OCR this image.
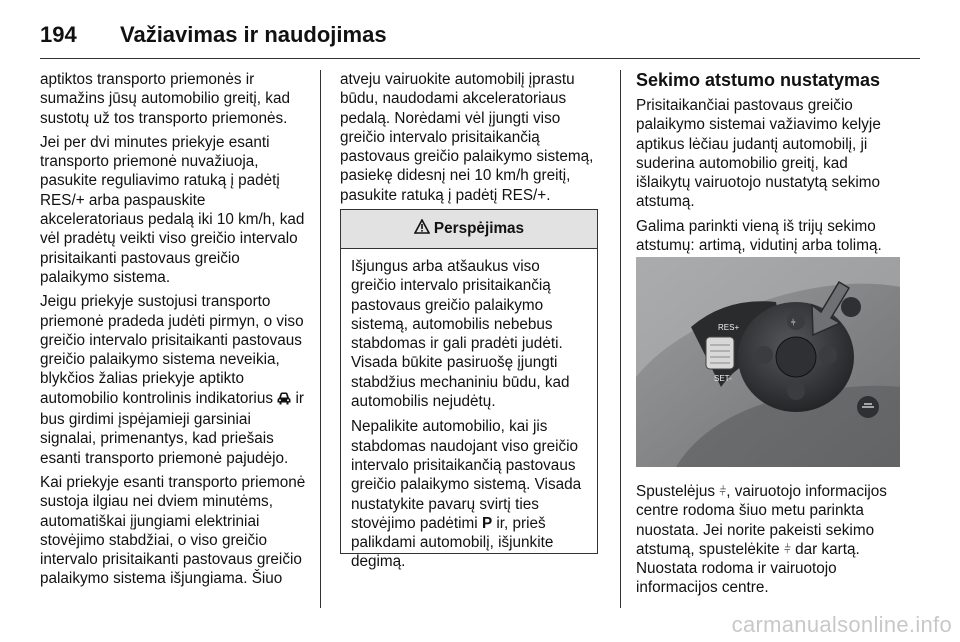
194 Važiavimas ir naudojimas

aptiktos transporto priemonės ir sumažins jūsų automobilio greitį, kad sustotų už tos transporto priemonės.

Jei per dvi minutes priekyje esanti transporto priemonė nuvažiuoja, pasukite reguliavimo ratuką į padėtį RES/+ arba paspauskite akceleratoriaus pedalą iki 10 km/h, kad vėl pradėtų veikti viso greičio intervalo prisitaikanti pastovaus greičio palaikymo sistema.

Jeigu priekyje sustojusi transporto priemonė pradeda judėti pirmyn, o viso greičio intervalo prisitaikanti pastovaus greičio palaikymo sistema neveikia, blykčios žalias priekyje aptikto automobilio kontrolinis indikatorius ir bus girdimi įspėjamieji garsiniai signalai, primenantys, kad priešais esanti transporto priemonė pajudėjo.

Kai priekyje esanti transporto priemonė sustoja ilgiau nei dviem minutėms, automatiškai įjungiami elektriniai stovėjimo stabdžiai, o viso greičio intervalo prisitaikanti pastovaus greičio palaikymo sistema išjungiama. Šiuo

atveju vairuokite automobilį įprastu būdu, naudodami akceleratoriaus pedalą. Norėdami vėl įjungti viso greičio intervalo prisitaikančią pastovaus greičio palaikymo sistemą, pasiekę didesnį nei 10 km/h greitį, pasukite ratuką į padėtį RES/+.

Perspėjimas

Išjungus arba atšaukus viso greičio intervalo prisitaikančią pastovaus greičio palaikymo sistemą, automobilis nebebus stabdomas ir gali pradėti judėti. Visada būkite pasiruošę įjungti stabdžius mechaniniu būdu, kad automobilis nejudėtų.

Nepalikite automobilio, kai jis stabdomas naudojant viso greičio intervalo prisitaikančią pastovaus greičio palaikymo sistemą. Visada nustatykite pavarų svirtį ties stovėjimo padėtimi P ir, prieš palikdami automobilį, išjunkite degimą.

Sekimo atstumo nustatymas

Prisitaikančiai pastovaus greičio palaikymo sistemai važiavimo kelyje aptikus lėčiau judantį automobilį, ji suderina automobilio greitį, kad išlaikytų vairuotojo nustatytą sekimo atstumą.

Galima parinkti vieną iš trijų sekimo atstumų: artimą, vidutinį arba tolimą.

RES+
SET-
⫩

Spustelėjus ⫩, vairuotojo informacijos centre rodoma šiuo metu parinkta nuostata. Jei norite pakeisti sekimo atstumą, spustelėkite ⫩ dar kartą. Nuostata rodoma ir vairuotojo informacijos centre.

carmanualsonline.info
